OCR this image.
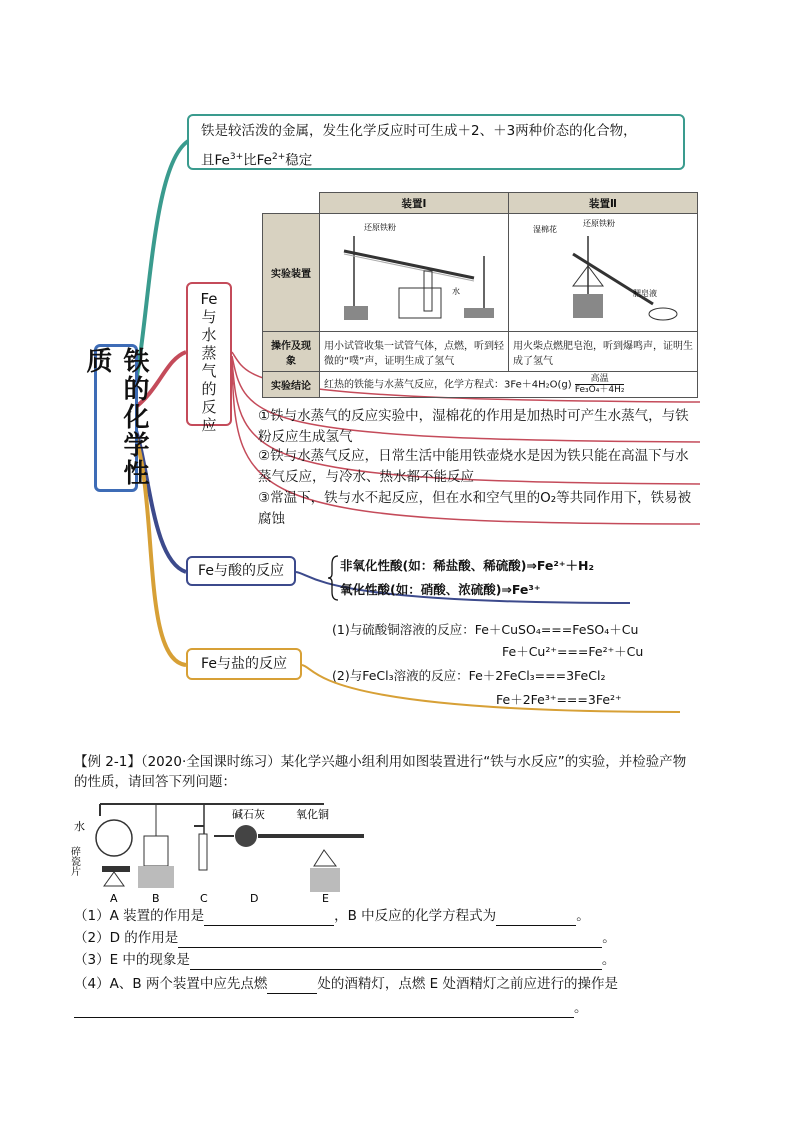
铁的化学性质
铁是较活泼的金属，发生化学反应时可生成＋2、＋3两种价态的化合物，
且$Fe^{3+}$比$Fe^{2+}$稳定
Fe与水蒸气的反应
	装置Ⅰ	装置Ⅱ
实验装置	还原铁粉
水	湿棉花
还原铁粉
肥皂液

操作及现象	用小试管收集一试管气体，点燃，听到轻微的“噗”声，证明生成了氢气	用火柴点燃肥皂泡，听到爆鸣声，证明生成了氢气
实验结论	红热的铁能与水蒸气反应，化学方程式：3Fe＋4H₂O(g)
高温
Fe₃O₄＋4H₂	
①铁与水蒸气的反应实验中，湿棉花的作用是加热时可产生水蒸气，与铁粉反应生成氢气
②铁与水蒸气反应，日常生活中能用铁壶烧水是因为铁只能在高温下与水蒸气反应，与冷水、热水都不能反应
③常温下，铁与水不起反应，但在水和空气里的O₂等共同作用下，铁易被腐蚀
Fe与酸的反应	非氧化性酸(如：稀盐酸、稀硫酸)⇒Fe²⁺＋H₂
氧化性酸(如：硝酸、浓硫酸)⇒Fe³⁺
Fe与盐的反应
(1)与硫酸铜溶液的反应：Fe＋CuSO₄===FeSO₄＋Cu
Fe＋Cu²⁺===Fe²⁺＋Cu
(2)与FeCl₃溶液的反应：Fe＋2FeCl₃===3FeCl₂
Fe＋2Fe³⁺===3Fe²⁺
【例 2-1】（2020·全国课时练习）某化学兴趣小组利用如图装置进行“铁与水反应”的实验，并检验产物
的性质，请回答下列问题：
水
碎瓷片
碱石灰	氧化铜
A	B	C	D	E
（1）A 装置的作用是	，B 中反应的化学方程式为	。
（2）D 的作用是	。
（3）E 中的现象是	。
（4）A、B 两个装置中应先点燃	处的酒精灯，点燃 E 处酒精灯之前应进行的操作是
。
